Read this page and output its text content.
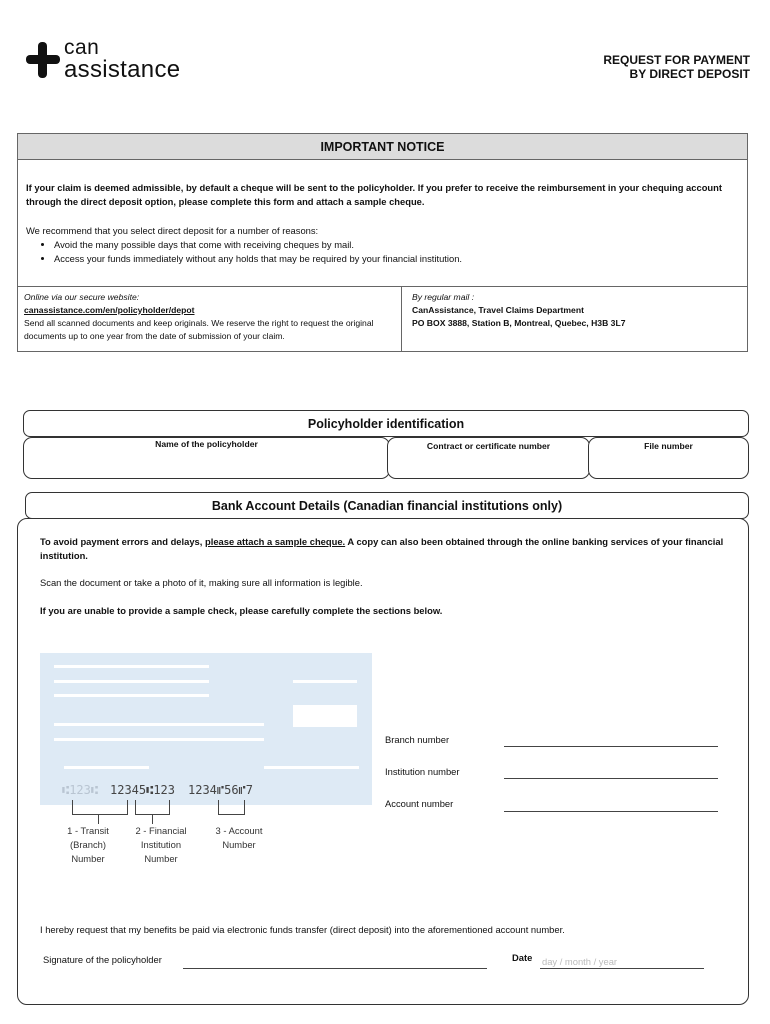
can
assistance	REQUEST FOR PAYMENT
BY DIRECT DEPOSIT
IMPORTANT NOTICE
If your claim is deemed admissible, by default a cheque will be sent to the policyholder. If you prefer to receive the reimbursement in your chequing account through the direct deposit option, please complete this form and attach a sample cheque.
We recommend that you select direct deposit for a number of reasons:
• Avoid the many possible days that come with receiving cheques by mail.
• Access your funds immediately without any holds that may be required by your financial institution.
Online via our secure website:
canassistance.com/en/policyholder/depot
Send all scanned documents and keep originals. We reserve the right to request the original documents up to one year from the date of submission of your claim.
By regular mail :
CanAssistance, Travel Claims Department
PO BOX 3888, Station B, Montreal, Quebec, H3B 3L7
Policyholder identification
Name of the policyholder	Contract or certificate number	File number
Bank Account Details (Canadian financial institutions only)
To avoid payment errors and delays, please attach a sample cheque. A copy can also been obtained through the online banking services of your financial institution.
Scan the document or take a photo of it, making sure all information is legible.
If you are unable to provide a sample check, please carefully complete the sections below.
⑆123⑆ 12345⑆123 1234⑈56⑈7
1 - Transit
(Branch)
Number
2 - Financial
Institution
Number
3 - Account
Number
Branch number
Institution number
Account number
I hereby request that my benefits be paid via electronic funds transfer (direct deposit) into the aforementioned account number.
Signature of the policyholder	Date day / month / year
